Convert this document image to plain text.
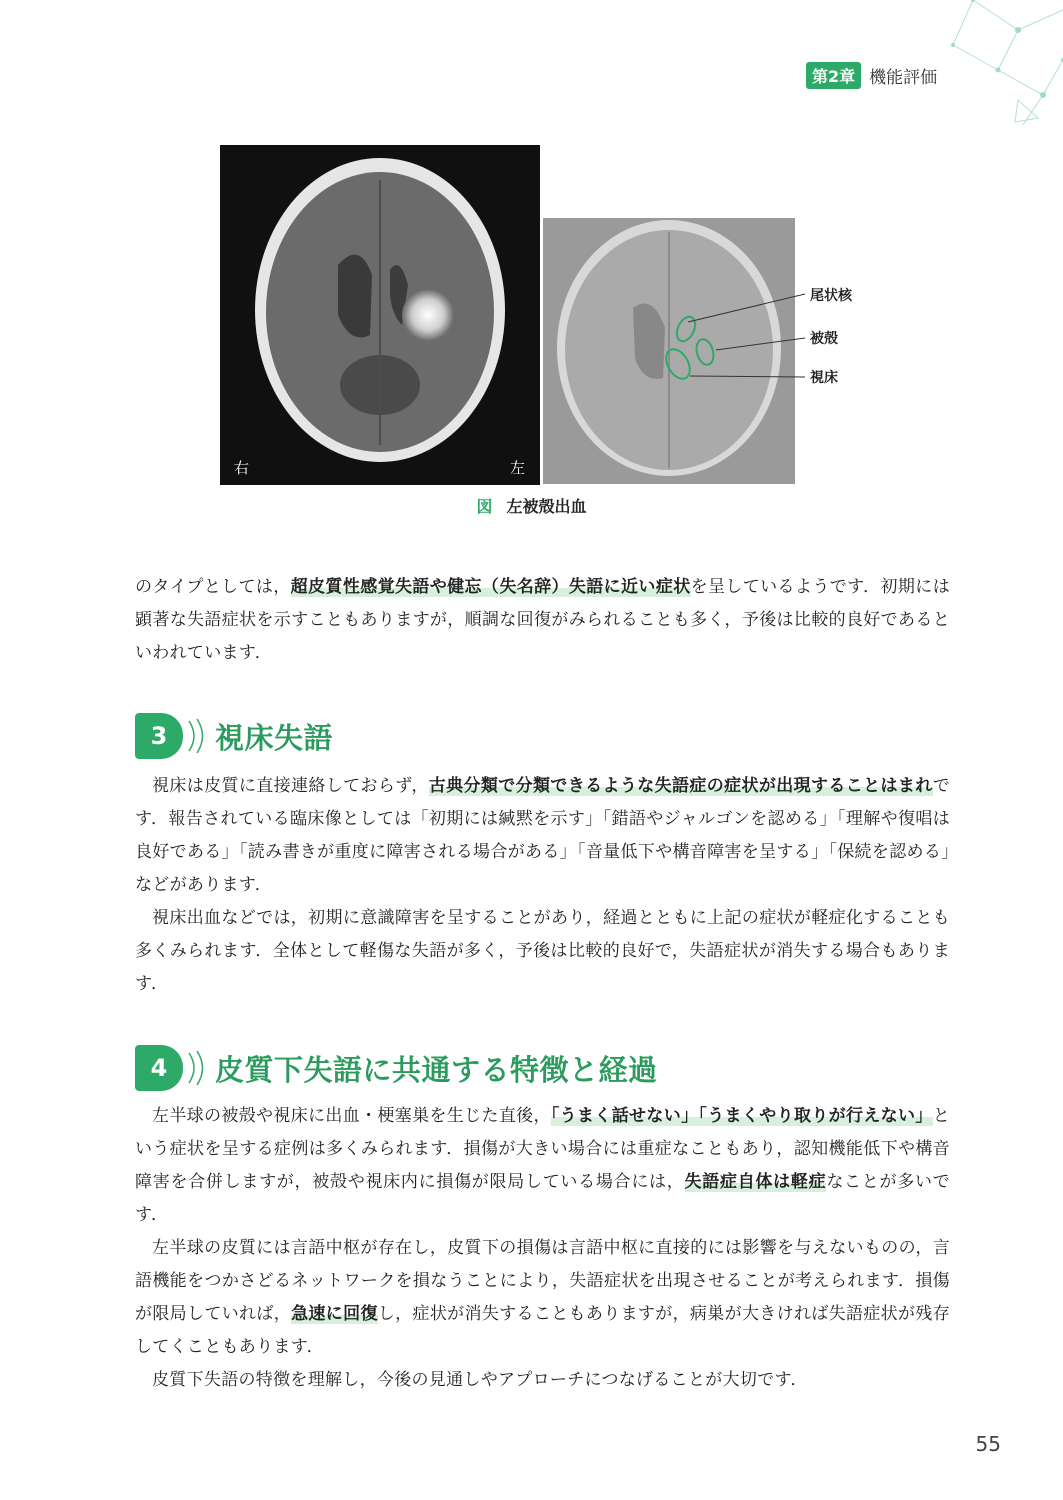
第2章 機能評価
右	左
尾状核
被殻
視床
図 左被殻出血

のタイプとしては，超皮質性感覚失語や健忘（失名辞）失語に近い症状を呈しているようです．初期には顕著な失語症状を示すこともありますが，順調な回復がみられることも多く，予後は比較的良好であるといわれています．

3	視床失語

視床は皮質に直接連絡しておらず，古典分類で分類できるような失語症の症状が出現することはまれです．報告されている臨床像としては「初期には緘黙を示す」「錯語やジャルゴンを認める」「理解や復唱は良好である」「読み書きが重度に障害される場合がある」「音量低下や構音障害を呈する」「保続を認める」などがあります．

視床出血などでは，初期に意識障害を呈することがあり，経過とともに上記の症状が軽症化することも多くみられます．全体として軽傷な失語が多く，予後は比較的良好で，失語症状が消失する場合もあります．

4	皮質下失語に共通する特徴と経過

左半球の被殻や視床に出血・梗塞巣を生じた直後，「うまく話せない」「うまくやり取りが行えない」という症状を呈する症例は多くみられます．損傷が大きい場合には重症なこともあり，認知機能低下や構音障害を合併しますが，被殻や視床内に損傷が限局している場合には，失語症自体は軽症なことが多いです．

左半球の皮質には言語中枢が存在し，皮質下の損傷は言語中枢に直接的には影響を与えないものの，言語機能をつかさどるネットワークを損なうことにより，失語症状を出現させることが考えられます．損傷が限局していれば，急速に回復し，症状が消失することもありますが，病巣が大きければ失語症状が残存してくこともあります．

皮質下失語の特徴を理解し，今後の見通しやアプローチにつなげることが大切です．

55
